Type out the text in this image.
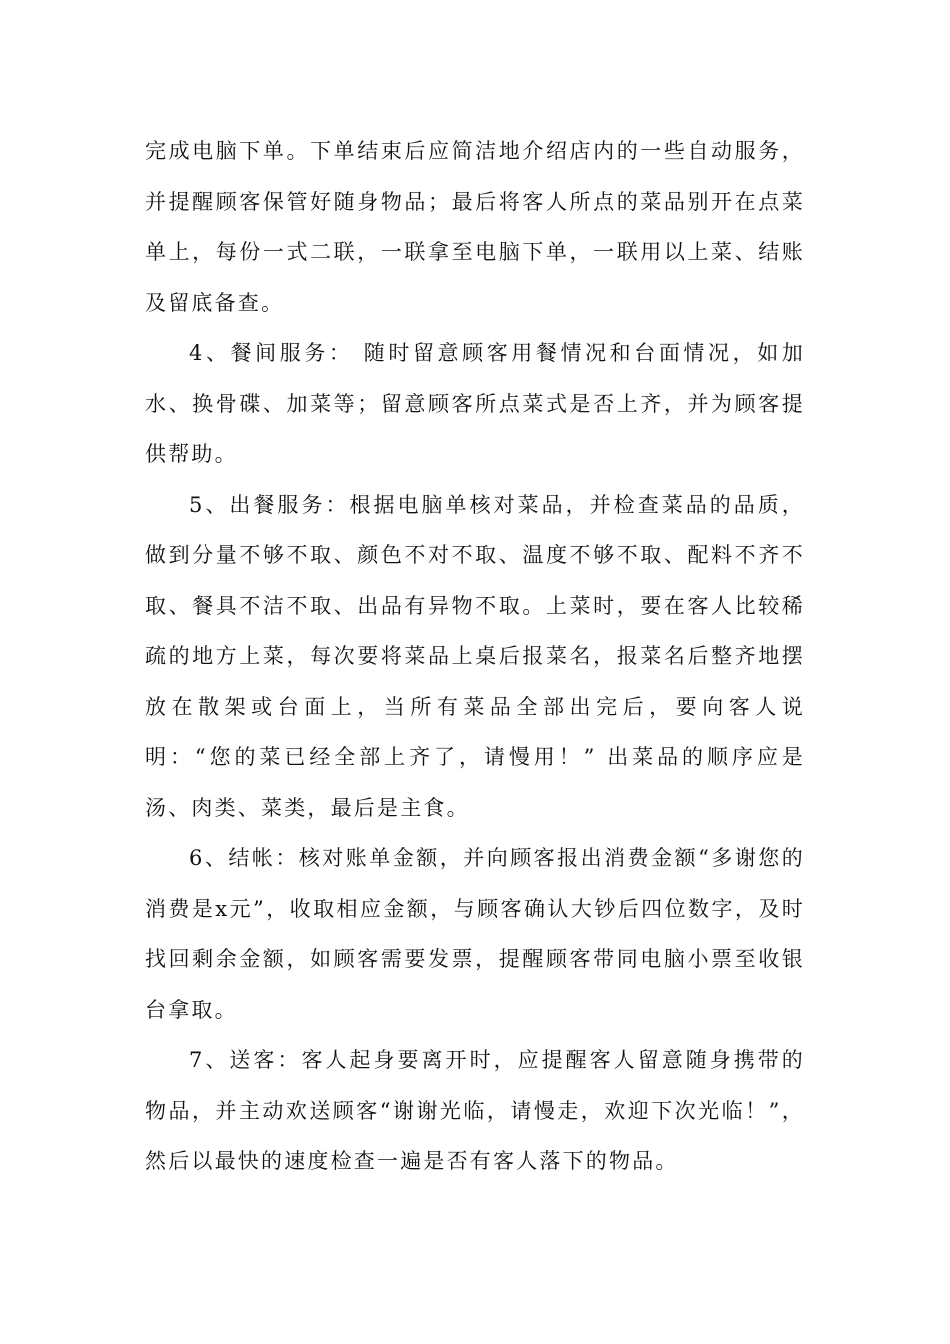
完成电脑下单。下单结束后应简洁地介绍店内的一些自动服务，并提醒顾客保管好随身物品；最后将客人所点的菜品别开在点菜单上，每份一式二联，一联拿至电脑下单，一联用以上菜、结账及留底备查。

4、餐间服务： 随时留意顾客用餐情况和台面情况，如加水、换骨碟、加菜等；留意顾客所点菜式是否上齐，并为顾客提供帮助。

5、出餐服务：根据电脑单核对菜品，并检查菜品的品质，做到分量不够不取、颜色不对不取、温度不够不取、配料不齐不取、餐具不洁不取、出品有异物不取。上菜时，要在客人比较稀疏的地方上菜，每次要将菜品上桌后报菜名，报菜名后整齐地摆放在散架或台面上，当所有菜品全部出完后，要向客人说明：“您的菜已经全部上齐了，请慢用！” 出菜品的顺序应是汤、肉类、菜类，最后是主食。

6、结帐：核对账单金额，并向顾客报出消费金额“多谢您的消费是x元”，收取相应金额，与顾客确认大钞后四位数字，及时找回剩余金额，如顾客需要发票，提醒顾客带同电脑小票至收银台拿取。

7、送客：客人起身要离开时，应提醒客人留意随身携带的物品，并主动欢送顾客“谢谢光临，请慢走，欢迎下次光临！”，然后以最快的速度检查一遍是否有客人落下的物品。
